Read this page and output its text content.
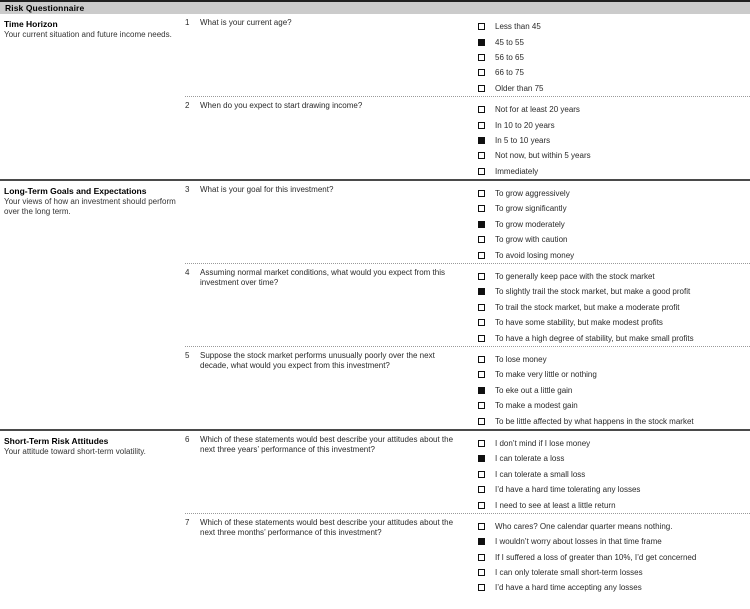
Risk Questionnaire
Time Horizon
Your current situation and future income needs.
1	What is your current age?	Less than 45
45 to 55
56 to 65
66 to 75
Older than 75
2	When do you expect to start drawing income?	Not for at least 20 years
In 10 to 20 years
In 5 to 10 years
Not now, but within 5 years
Immediately
Long-Term Goals and Expectations
Your views of how an investment should perform over the long term.
3	What is your goal for this investment?	To grow aggressively
To grow significantly
To grow moderately
To grow with caution
To avoid losing money
4	Assuming normal market conditions, what would you expect from this investment over time?
To generally keep pace with the stock market
To slightly trail the stock market, but make a good profit
To trail the stock market, but make a moderate profit
To have some stability, but make modest profits
To have a high degree of stability, but make small profits
5	Suppose the stock market performs unusually poorly over the next decade, what would you expect from this investment?
To lose money
To make very little or nothing
To eke out a little gain
To make a modest gain
To be little affected by what happens in the stock market
Short-Term Risk Attitudes
Your attitude toward short-term volatility.
6	Which of these statements would best describe your attitudes about the next three years’ performance of this investment?
I don’t mind if I lose money
I can tolerate a loss
I can tolerate a small loss
I’d have a hard time tolerating any losses
I need to see at least a little return
7	Which of these statements would best describe your attitudes about the next three months’ performance of this investment?
Who cares? One calendar quarter means nothing.
I wouldn’t worry about losses in that time frame
If I suffered a loss of greater than 10%, I’d get concerned
I can only tolerate small short-term losses
I’d have a hard time accepting any losses
